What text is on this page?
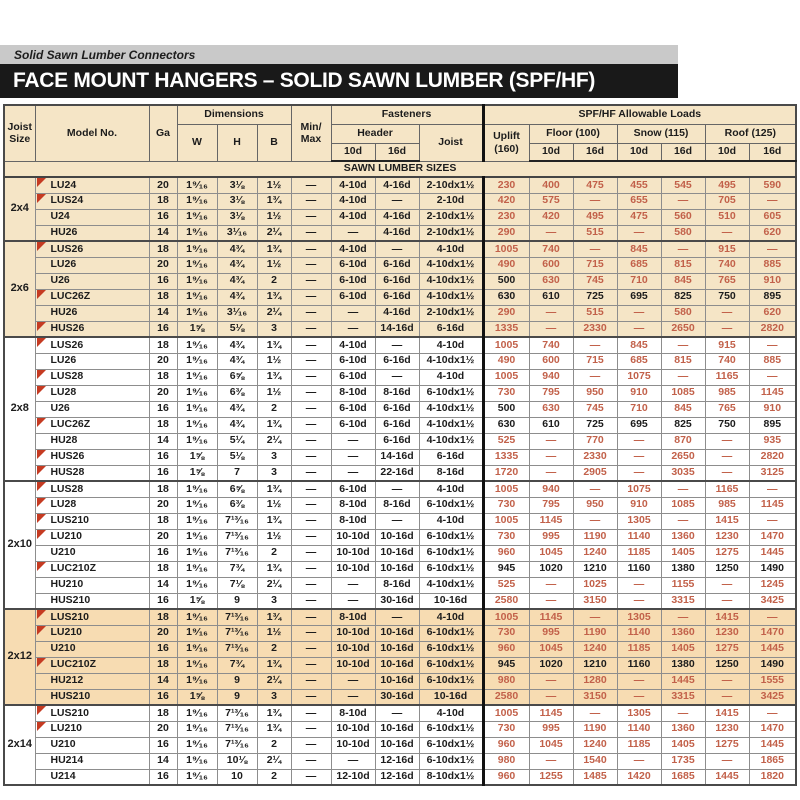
Solid Sawn Lumber Connectors
FACE MOUNT HANGERS – SOLID SAWN LUMBER (SPF/HF)
Joist
Size
	Model No.	Ga	Dimensions	
Min/
Max
	Fasteners	SPF/HF Allowable Loads
			W	H	B		Header		Joist	Uplift
(160)	Floor (100)		Snow (115)		Roof (125)	
							10d	16d			10d	16d	10d	16d	10d	16d
SAWN LUMBER SIZES																
2x4	LU24	20	1⁹⁄₁₆	3⅛	1½	—	4-10d	4-16d	2-10dx1½	230	400	475	455	545	495	590

LUS24	18	1⁹⁄₁₆	3⅛	1¾	—	4-10d	—	2-10d	420	575	—	655	—	705	—
	U24	16	1⁹⁄₁₆	3⅛	1½	—	4-10d	4-16d	2-10dx1½	230	420	495	475	560	510	605
	HU26	14	1⁹⁄₁₆	3¹⁄₁₆	2¼	—	—	4-16d	2-10dx1½	290	—	515	—	580	—	620
2x6	LUS26	18	1⁹⁄₁₆	4¾	1¾	—	4-10d	—	4-10d	1005	740	—	845	—	915	—
	LU26	20	1⁹⁄₁₆	4¾	1½	—	6-10d	6-16d	4-10dx1½	490	600	715	685	815	740	885
	U26	16	1⁹⁄₁₆	4¾	2	—	6-10d	6-16d	4-10dx1½	500	630	745	710	845	765	910

LUC26Z	18	1⁹⁄₁₆	4¾	1¾	—	6-10d	6-16d	4-10dx1½	630	610	725	695	825	750	895
	HU26	14	1⁹⁄₁₆	3¹⁄₁₆	2¼	—	—	4-16d	2-10dx1½	290	—	515	—	580	—	620

HUS26	16	1⅝	5⅛	3	—	—	14-16d	6-16d	1335	—	2330	—	2650	—	2820
2x8	LUS26	18	1⁹⁄₁₆	4¾	1¾	—	4-10d	—	4-10d	1005	740	—	845	—	915	—
	LU26	20	1⁹⁄₁₆	4¾	1½	—	6-10d	6-16d	4-10dx1½	490	600	715	685	815	740	885

LUS28	18	1⁹⁄₁₆	6⅝	1¾	—	6-10d	—	4-10d	1005	940	—	1075	—	1165	—

LU28	20	1⁹⁄₁₆	6⅜	1½	—	8-10d	8-16d	6-10dx1½	730	795	950	910	1085	985	1145
	U26	16	1⁹⁄₁₆	4¾	2	—	6-10d	6-16d	4-10dx1½	500	630	745	710	845	765	910

LUC26Z	18	1⁹⁄₁₆	4¾	1¾	—	6-10d	6-16d	4-10dx1½	630	610	725	695	825	750	895
	HU28	14	1⁹⁄₁₆	5¼	2¼	—	—	6-16d	4-10dx1½	525	—	770	—	870	—	935

HUS26	16	1⅝	5⅛	3	—	—	14-16d	6-16d	1335	—	2330	—	2650	—	2820

HUS28	16	1⅝	7	3	—	—	22-16d	8-16d	1720	—	2905	—	3035	—	3125
2x10	LUS28	18	1⁹⁄₁₆	6⅝	1¾	—	6-10d	—	4-10d	1005	940	—	1075	—	1165	—

LU28	20	1⁹⁄₁₆	6⅜	1½	—	8-10d	8-16d	6-10dx1½	730	795	950	910	1085	985	1145

LUS210	18	1⁹⁄₁₆	7¹³⁄₁₆	1¾	—	8-10d	—	4-10d	1005	1145	—	1305	—	1415	—

LU210	20	1⁹⁄₁₆	7¹³⁄₁₆	1½	—	10-10d	10-16d	6-10dx1½	730	995	1190	1140	1360	1230	1470
	U210	16	1⁹⁄₁₆	7¹³⁄₁₆	2	—	10-10d	10-16d	6-10dx1½	960	1045	1240	1185	1405	1275	1445

LUC210Z	18	1⁹⁄₁₆	7¾	1¾	—	10-10d	10-16d	6-10dx1½	945	1020	1210	1160	1380	1250	1490
	HU210	14	1⁹⁄₁₆	7⅛	2¼	—	—	8-16d	4-10dx1½	525	—	1025	—	1155	—	1245
	HUS210	16	1⅝	9	3	—	—	30-16d	10-16d	2580	—	3150	—	3315	—	3425
2x12	LUS210	18	1⁹⁄₁₆	7¹³⁄₁₆	1¾	—	8-10d	—	4-10d	1005	1145	—	1305	—	1415	—

LU210	20	1⁹⁄₁₆	7¹³⁄₁₆	1½	—	10-10d	10-16d	6-10dx1½	730	995	1190	1140	1360	1230	1470
	U210	16	1⁹⁄₁₆	7¹³⁄₁₆	2	—	10-10d	10-16d	6-10dx1½	960	1045	1240	1185	1405	1275	1445

LUC210Z	18	1⁹⁄₁₆	7¾	1¾	—	10-10d	10-16d	6-10dx1½	945	1020	1210	1160	1380	1250	1490
	HU212	14	1⁹⁄₁₆	9	2¼	—	—	10-16d	6-10dx1½	980	—	1280	—	1445	—	1555
	HUS210	16	1⅝	9	3	—	—	30-16d	10-16d	2580	—	3150	—	3315	—	3425
2x14	LUS210	18	1⁹⁄₁₆	7¹³⁄₁₆	1¾	—	8-10d	—	4-10d	1005	1145	—	1305	—	1415	—

LU210	20	1⁹⁄₁₆	7¹³⁄₁₆	1¾	—	10-10d	10-16d	6-10dx1½	730	995	1190	1140	1360	1230	1470
	U210	16	1⁹⁄₁₆	7¹³⁄₁₆	2	—	10-10d	10-16d	6-10dx1½	960	1045	1240	1185	1405	1275	1445
	HU214	14	1⁹⁄₁₆	10⅛	2¼	—	—	12-16d	6-10dx1½	980	—	1540	—	1735	—	1865
	U214	16	1⁹⁄₁₆	10	2	—	12-10d	12-16d	8-10dx1½	960	1255	1485	1420	1685	1445	1820
